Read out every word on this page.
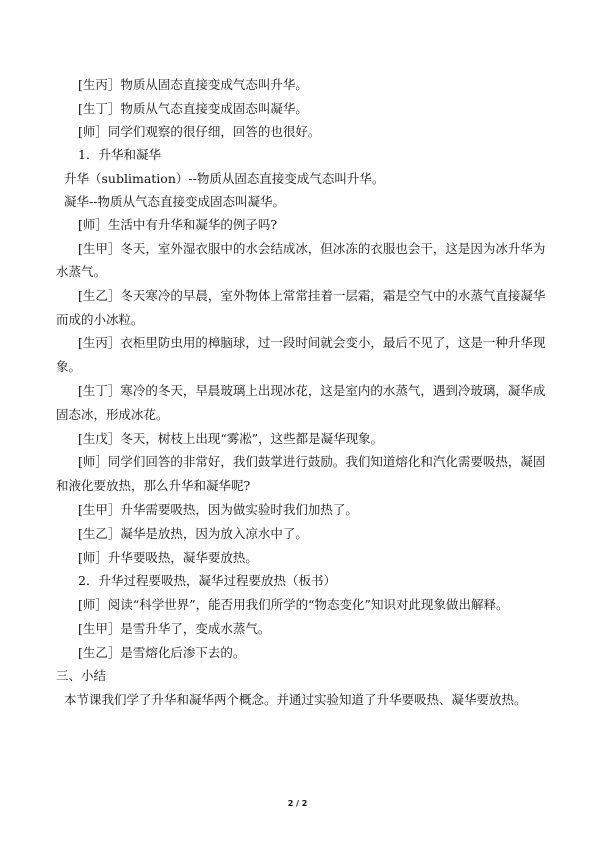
[生丙］物质从固态直接变成气态叫升华。
[生丁］物质从气态直接变成固态叫凝华。
[师］同学们观察的很仔细，回答的也很好。
1．升华和凝华
升华（sublimation）--物质从固态直接变成气态叫升华。
凝华--物质从气态直接变成固态叫凝华。
[师］生活中有升华和凝华的例子吗?
[生甲］冬天，室外湿衣服中的水会结成冰，但冰冻的衣服也会干，这是因为冰升华为
水蒸气。
[生乙］冬天寒冷的早晨，室外物体上常常挂着一层霜，霜是空气中的水蒸气直接凝华
而成的小冰粒。
[生丙］衣柜里防虫用的樟脑球，过一段时间就会变小，最后不见了，这是一种升华现
象。
[生丁］寒冷的冬天，早晨玻璃上出现冰花，这是室内的水蒸气，遇到冷玻璃，凝华成
固态冰，形成冰花。
[生戊］冬天，树枝上出现“雾凇”，这些都是凝华现象。
[师］同学们回答的非常好，我们鼓掌进行鼓励。我们知道熔化和汽化需要吸热，凝固
和液化要放热，那么升华和凝华呢?
[生甲］升华需要吸热，因为做实验时我们加热了。
[生乙］凝华是放热，因为放入凉水中了。
[师］升华要吸热，凝华要放热。
2．升华过程要吸热，凝华过程要放热（板书）
[师］阅读“科学世界”，能否用我们所学的“物态变化”知识对此现象做出解释。
[生甲］是雪升华了，变成水蒸气。
[生乙］是雪熔化后渗下去的。
三、小结
本节课我们学了升华和凝华两个概念。并通过实验知道了升华要吸热、凝华要放热。
2 / 2
